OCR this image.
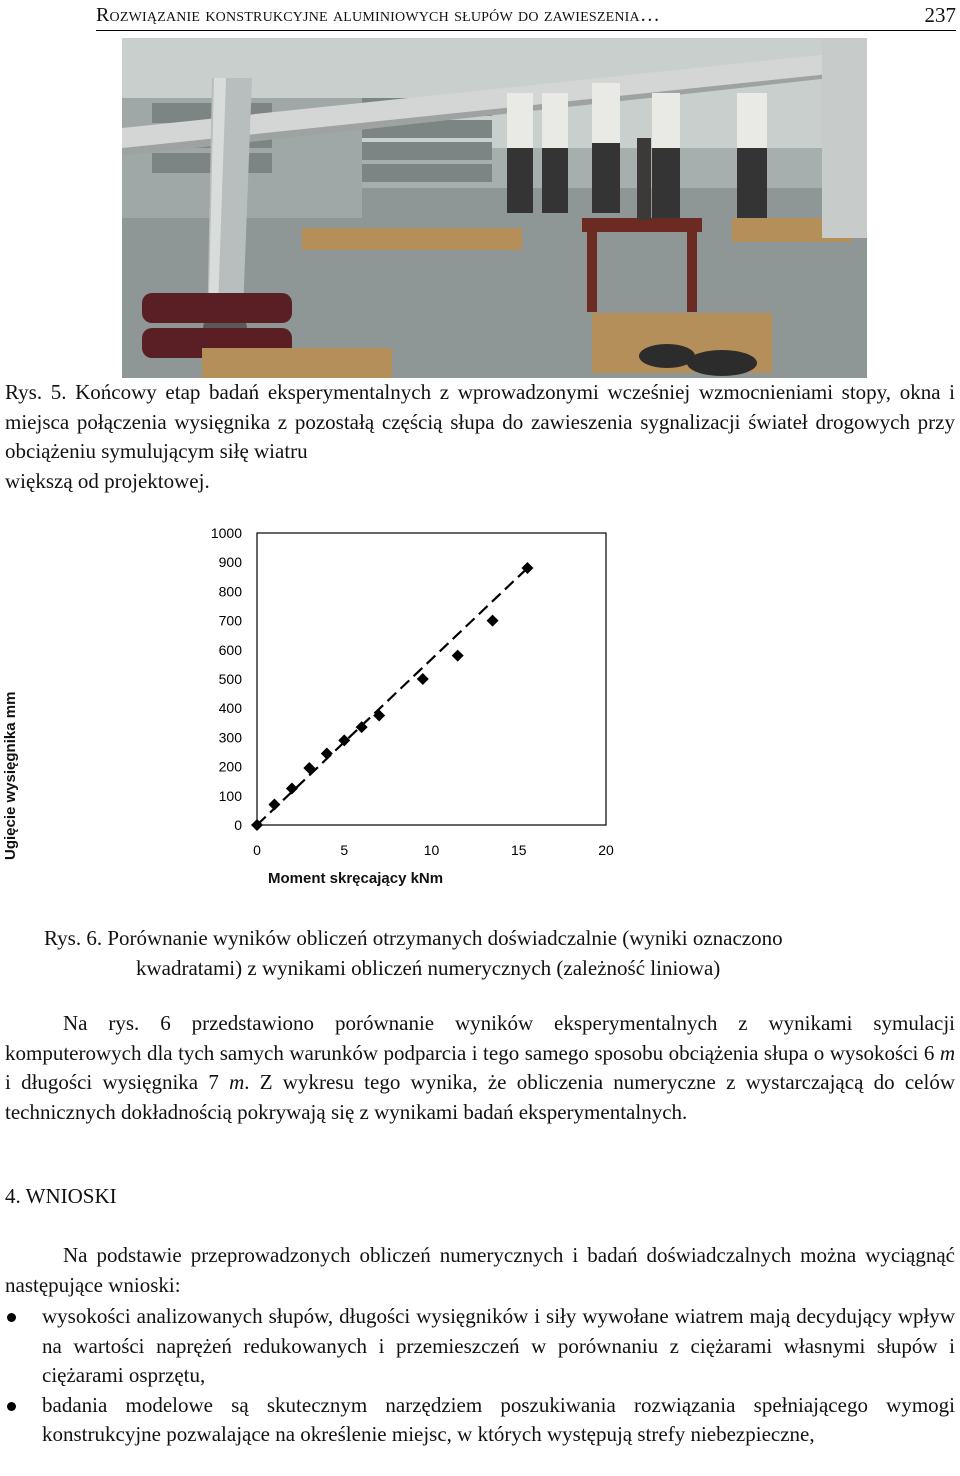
Rozwiązanie konstrukcyjne aluminiowych słupów do zawieszenia…	237
Rys. 5. Końcowy etap badań eksperymentalnych z wprowadzonymi wcześniej wzmocnieniami stopy, okna i miejsca połączenia wysięgnika z pozostałą częścią słupa do zawieszenia sygnalizacji świateł drogowych przy obciążeniu symulującym siłę wiatru
większą od projektowej.
0
100
200
300
400
500
600
700
800
900
1000
0	5	10	15	20
Ugięcie wysięgnika mm
Moment skręcający kNm
Rys. 6. Porównanie wyników obliczeń otrzymanych doświadczalnie (wyniki oznaczono
kwadratami) z wynikami obliczeń numerycznych (zależność liniowa)
Na rys. 6 przedstawiono porównanie wyników eksperymentalnych z wynikami symulacji komputerowych dla tych samych warunków podparcia i tego samego sposobu obciążenia słupa o wysokości 6 m i długości wysięgnika 7 m. Z wykresu tego wynika, że obliczenia numeryczne z wystarczającą do celów technicznych dokładnością pokrywają się z wynikami badań eksperymentalnych.
4. WNIOSKI
Na podstawie przeprowadzonych obliczeń numerycznych i badań doświadczalnych można wyciągnąć następujące wnioski:
wysokości analizowanych słupów, długości wysięgników i siły wywołane wiatrem mają decydujący wpływ na wartości naprężeń redukowanych i przemieszczeń w porównaniu z ciężarami własnymi słupów i ciężarami osprzętu,
badania modelowe są skutecznym narzędziem poszukiwania rozwiązania spełniającego wymogi konstrukcyjne pozwalające na określenie miejsc, w których występują strefy niebezpieczne,
